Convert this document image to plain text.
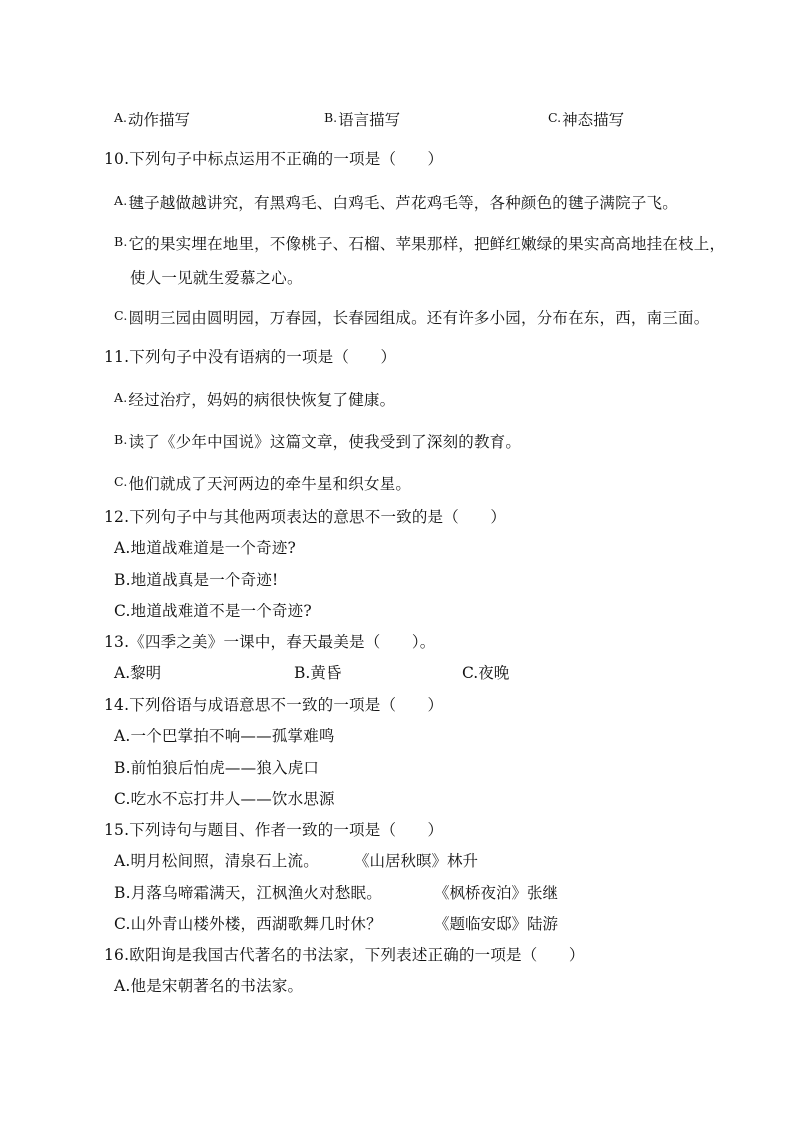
A.动作描写	B.语言描写	C.神态描写
10.下列句子中标点运用不正确的一项是（　　）
A.毽子越做越讲究，有黑鸡毛、白鸡毛、芦花鸡毛等，各种颜色的毽子满院子飞。
B.它的果实埋在地里，不像桃子、石榴、苹果那样，把鲜红嫩绿的果实高高地挂在枝上，
使人一见就生爱慕之心。
C.圆明三园由圆明园，万春园，长春园组成。还有许多小园，分布在东，西，南三面。
11.下列句子中没有语病的一项是（　　）
A.经过治疗，妈妈的病很快恢复了健康。
B.读了《少年中国说》这篇文章，使我受到了深刻的教育。
C.他们就成了天河两边的牵牛星和织女星。
12.下列句子中与其他两项表达的意思不一致的是（　　）
A.地道战难道是一个奇迹?
B.地道战真是一个奇迹!
C.地道战难道不是一个奇迹?
13.《四季之美》一课中，春天最美是（　　）。
A.黎明	B.黄昏	C.夜晚
14.下列俗语与成语意思不一致的一项是（　　）
A.一个巴掌拍不响——孤掌难鸣
B.前怕狼后怕虎——狼入虎口
C.吃水不忘打井人——饮水思源
15.下列诗句与题目、作者一致的一项是（　　）
A.明月松间照，清泉石上流。 《山居秋暝》林升
B.月落乌啼霜满天，江枫渔火对愁眠。	《枫桥夜泊》张继
C.山外青山楼外楼，西湖歌舞几时休？	《题临安邸》陆游
16.欧阳询是我国古代著名的书法家，下列表述正确的一项是（　　）
A.他是宋朝著名的书法家。
